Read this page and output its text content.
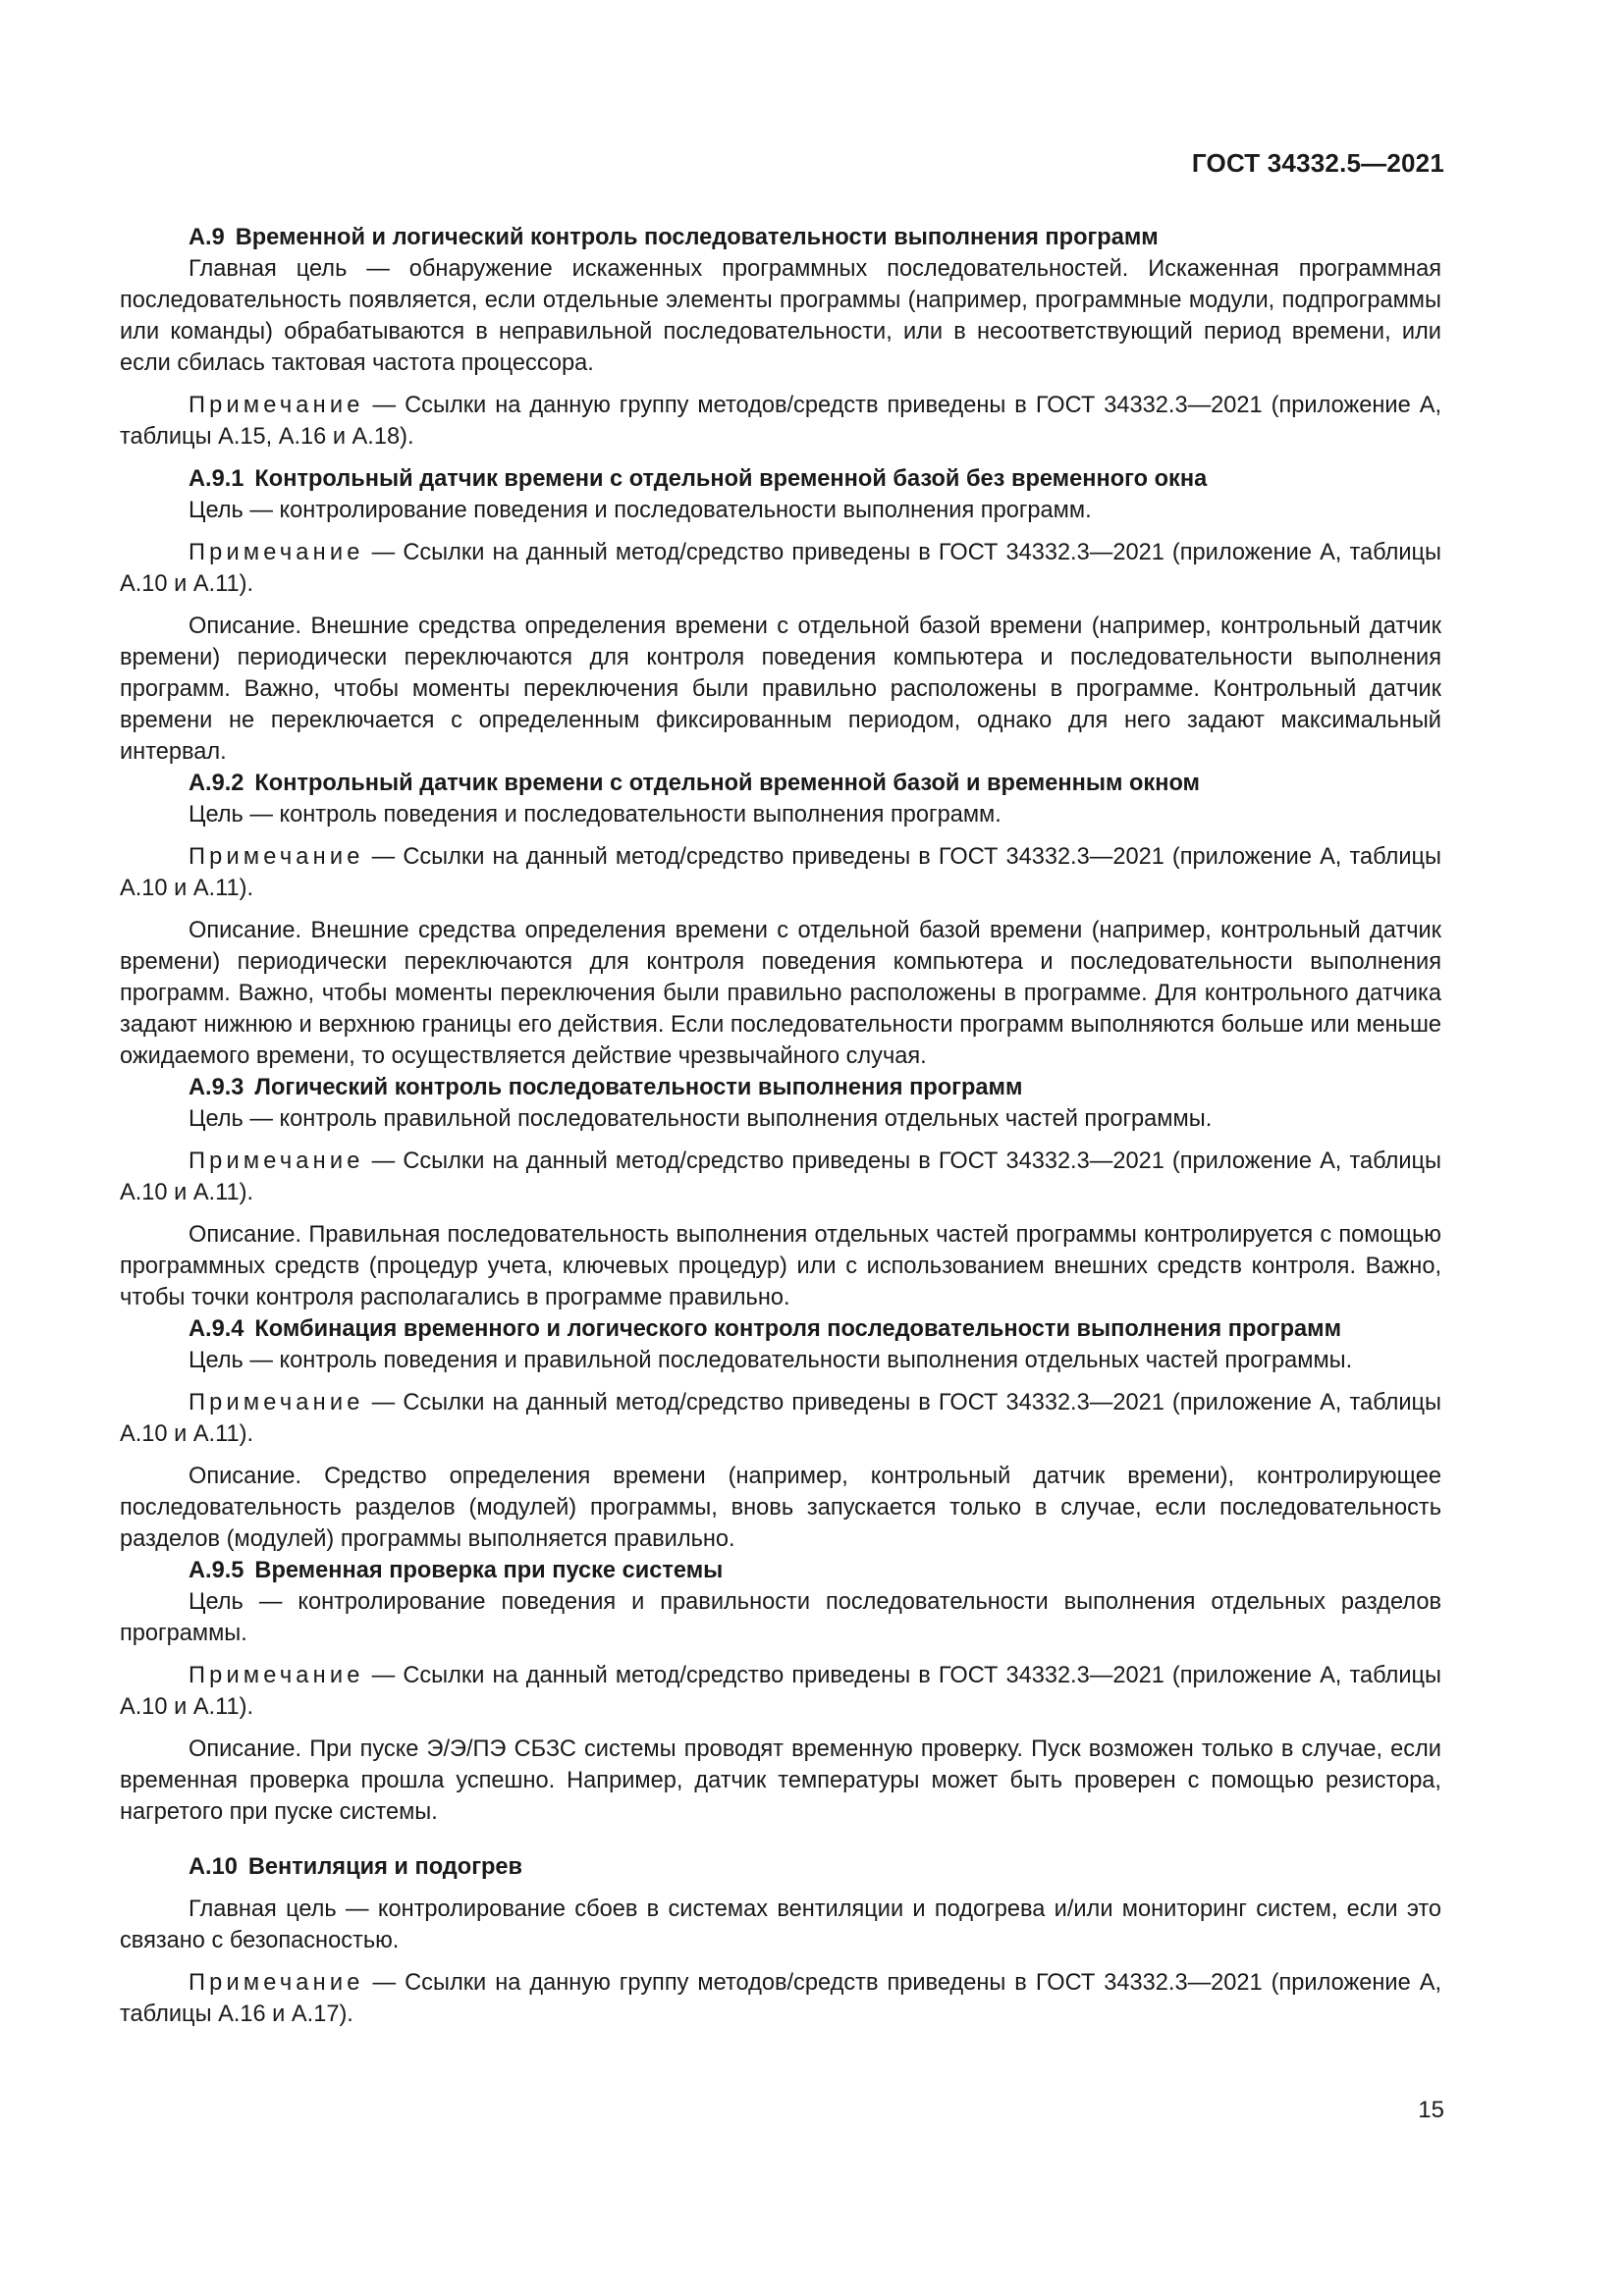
ГОСТ 34332.5—2021
А.9 Временной и логический контроль последовательности выполнения программ

Главная цель — обнаружение искаженных программных последовательностей. Искаженная программная последовательность появляется, если отдельные элементы программы (например, программные модули, подпрограммы или команды) обрабатываются в неправильной последовательности, или в несоответствующий период времени, или если сбилась тактовая частота процессора.

Примечание — Ссылки на данную группу методов/средств приведены в ГОСТ 34332.3—2021 (приложение А, таблицы А.15, А.16 и А.18).

А.9.1 Контрольный датчик времени с отдельной временной базой без временного окна

Цель — контролирование поведения и последовательности выполнения программ.

Примечание — Ссылки на данный метод/средство приведены в ГОСТ 34332.3—2021 (приложение А, таблицы А.10 и А.11).

Описание. Внешние средства определения времени с отдельной базой времени (например, контрольный датчик времени) периодически переключаются для контроля поведения компьютера и последовательности выполнения программ. Важно, чтобы моменты переключения были правильно расположены в программе. Контрольный датчик времени не переключается с определенным фиксированным периодом, однако для него задают максимальный интервал.

А.9.2 Контрольный датчик времени с отдельной временной базой и временным окном

Цель — контроль поведения и последовательности выполнения программ.

Примечание — Ссылки на данный метод/средство приведены в ГОСТ 34332.3—2021 (приложение А, таблицы А.10 и А.11).

Описание. Внешние средства определения времени с отдельной базой времени (например, контрольный датчик времени) периодически переключаются для контроля поведения компьютера и последовательности выполнения программ. Важно, чтобы моменты переключения были правильно расположены в программе. Для контрольного датчика задают нижнюю и верхнюю границы его действия. Если последовательности программ выполняются больше или меньше ожидаемого времени, то осуществляется действие чрезвычайного случая.

А.9.3 Логический контроль последовательности выполнения программ

Цель — контроль правильной последовательности выполнения отдельных частей программы.

Примечание — Ссылки на данный метод/средство приведены в ГОСТ 34332.3—2021 (приложение А, таблицы А.10 и А.11).

Описание. Правильная последовательность выполнения отдельных частей программы контролируется с помощью программных средств (процедур учета, ключевых процедур) или с использованием внешних средств контроля. Важно, чтобы точки контроля располагались в программе правильно.

А.9.4 Комбинация временного и логического контроля последовательности выполнения программ

Цель — контроль поведения и правильной последовательности выполнения отдельных частей программы.

Примечание — Ссылки на данный метод/средство приведены в ГОСТ 34332.3—2021 (приложение А, таблицы А.10 и А.11).

Описание. Средство определения времени (например, контрольный датчик времени), контролирующее последовательность разделов (модулей) программы, вновь запускается только в случае, если последовательность разделов (модулей) программы выполняется правильно.

А.9.5 Временная проверка при пуске системы

Цель — контролирование поведения и правильности последовательности выполнения отдельных разделов программы.

Примечание — Ссылки на данный метод/средство приведены в ГОСТ 34332.3—2021 (приложение А, таблицы А.10 и А.11).

Описание. При пуске Э/Э/ПЭ СБЗС системы проводят временную проверку. Пуск возможен только в случае, если временная проверка прошла успешно. Например, датчик температуры может быть проверен с помощью резистора, нагретого при пуске системы.

А.10 Вентиляция и подогрев

Главная цель — контролирование сбоев в системах вентиляции и подогрева и/или мониторинг систем, если это связано с безопасностью.

Примечание — Ссылки на данную группу методов/средств приведены в ГОСТ 34332.3—2021 (приложение А, таблицы А.16 и А.17).

15
